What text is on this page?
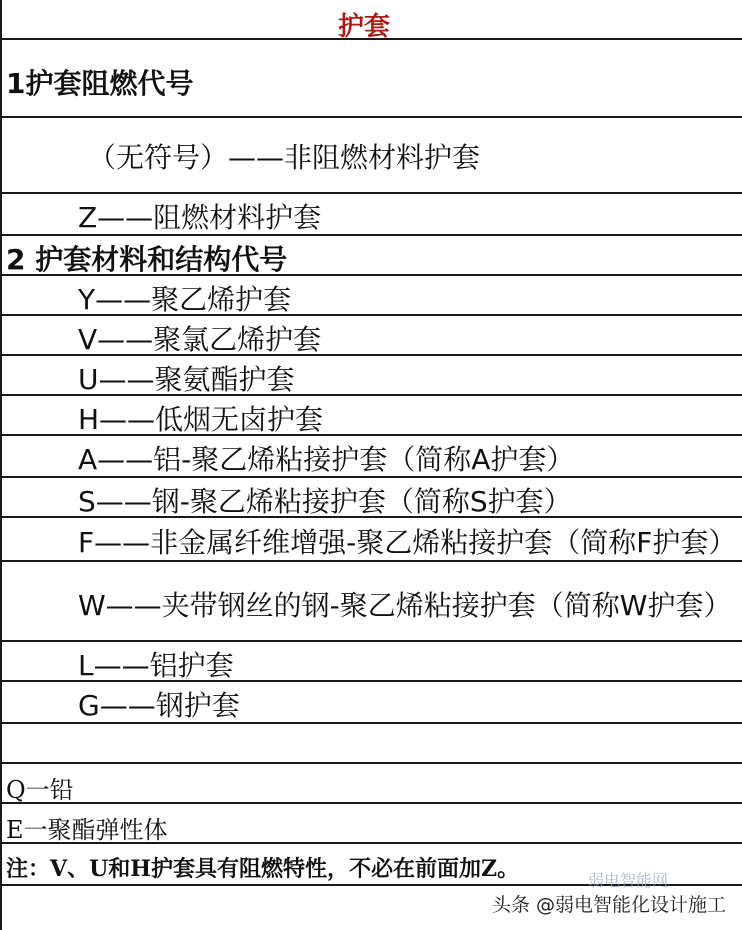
护套
1护套阻燃代号
（无符号）——非阻燃材料护套
Z——阻燃材料护套
2 护套材料和结构代号
Y——聚乙烯护套
V——聚氯乙烯护套
U——聚氨酯护套
H——低烟无卤护套
A——铝-聚乙烯粘接护套（简称A护套）
S——钢-聚乙烯粘接护套（简称S护套）
F——非金属纤维增强-聚乙烯粘接护套（简称F护套）
W——夹带钢丝的钢-聚乙烯粘接护套（简称W护套）
L——铝护套
G——钢护套
Q一铅
E一聚酯弹性体
注：V、U和H护套具有阻燃特性，不必在前面加Z。	弱电智能网
头条 @弱电智能化设计施工
